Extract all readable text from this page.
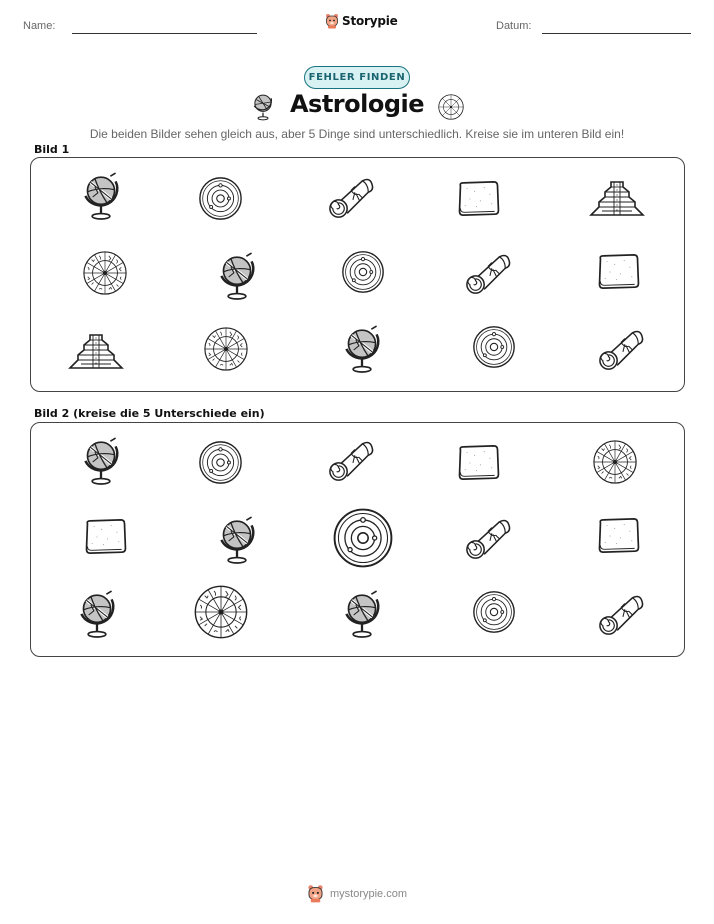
Name:	Storypie	Datum:
FEHLER FINDEN
Astrologie
Die beiden Bilder sehen gleich aus, aber 5 Dinge sind unterschiedlich. Kreise sie im unteren Bild ein!
Bild 1
Bild 2 (kreise die 5 Unterschiede ein)
mystorypie.com
